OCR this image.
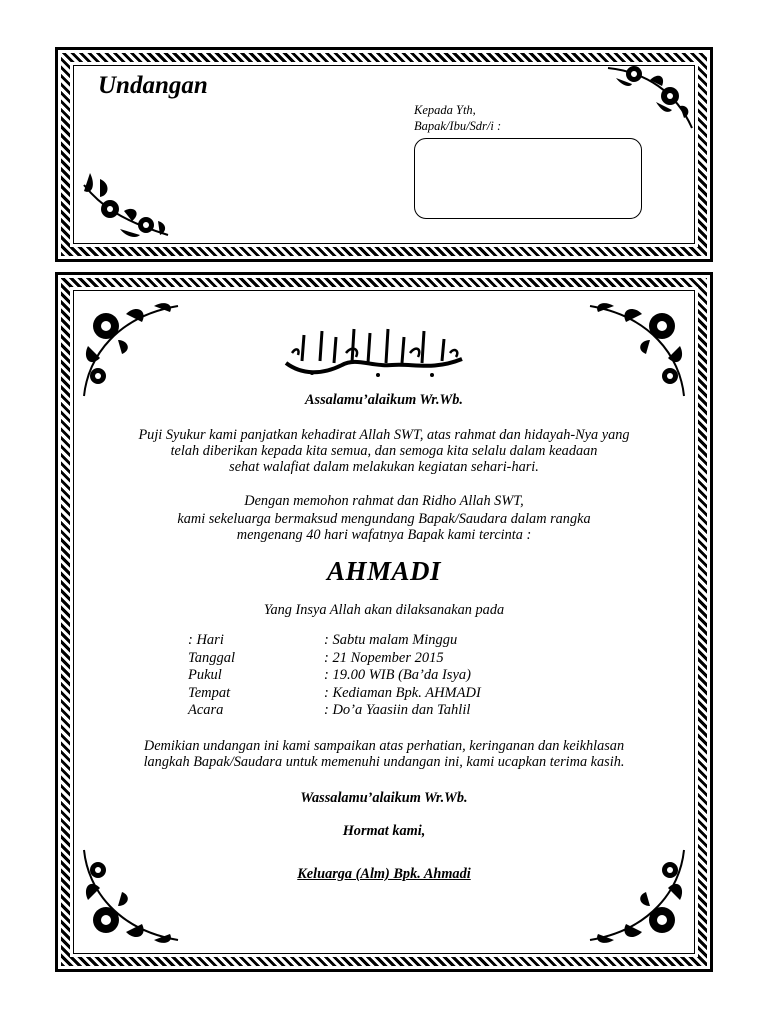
Undangan
Kepada Yth,
Bapak/Ibu/Sdr/i :
Assalamu’alaikum Wr.Wb.
Puji Syukur kami panjatkan kehadirat Allah SWT, atas rahmat dan hidayah-Nya yang
telah diberikan kepada kita semua, dan semoga kita selalu dalam keadaan
sehat walafiat dalam melakukan kegiatan sehari-hari.
Dengan memohon rahmat dan Ridho Allah SWT,
kami sekeluarga bermaksud mengundang Bapak/Saudara dalam rangka
mengenang 40 hari wafatnya Bapak kami tercinta :
AHMADI
Yang Insya Allah akan dilaksanakan pada
: Hari	: Sabtu malam Minggu
Tanggal	: 21 Nopember 2015
Pukul	: 19.00 WIB (Ba’da Isya)
Tempat	: Kediaman Bpk. AHMADI
Acara	: Do’a Yaasiin dan Tahlil
Demikian undangan ini kami sampaikan atas perhatian, keringanan dan keikhlasan
langkah Bapak/Saudara untuk memenuhi undangan ini, kami ucapkan terima kasih.
Wassalamu’alaikum Wr.Wb.
Hormat kami,
Keluarga (Alm) Bpk. Ahmadi
